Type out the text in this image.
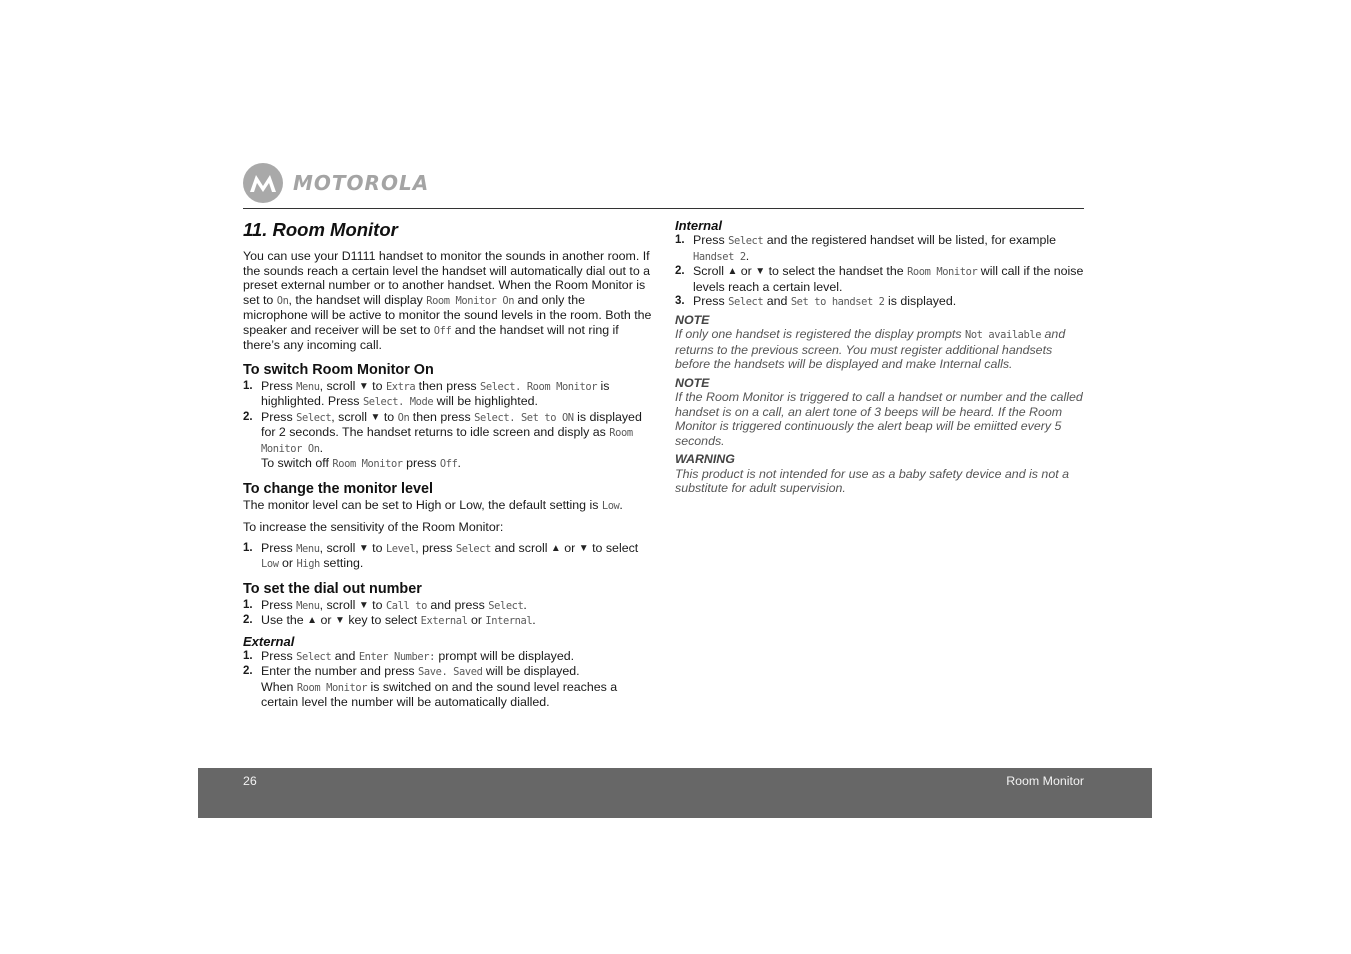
MOTOROLA
11. Room Monitor

You can use your D1111 handset to monitor the sounds in another room. If the sounds reach a certain level the handset will automatically dial out to a preset external number or to another handset. When the Room Monitor is set to On, the handset will display Room Monitor On and only the microphone will be active to monitor the sound levels in the room. Both the speaker and receiver will be set to Off and the handset will not ring if there’s any incoming call.

To switch Room Monitor On
1. Press Menu, scroll ▼ to Extra then press Select. Room Monitor is highlighted. Press Select. Mode will be highlighted.
2. Press Select, scroll ▼ to On then press Select. Set to ON is displayed for 2 seconds. The handset returns to idle screen and disply as Room Monitor On.
To switch off Room Monitor press Off.
To change the monitor level

The monitor level can be set to High or Low, the default setting is Low.

To increase the sensitivity of the Room Monitor:

1. Press Menu, scroll ▼ to Level, press Select and scroll ▲ or ▼ to select Low or High setting.
To set the dial out number
1. Press Menu, scroll ▼ to Call to and press Select.
2. Use the ▲ or ▼ key to select External or Internal.
External
1. Press Select and Enter Number: prompt will be displayed.
2. Enter the number and press Save. Saved will be displayed.
When Room Monitor is switched on and the sound level reaches a certain level the number will be automatically dialled.
Internal
1. Press Select and the registered handset will be listed, for example Handset 2.
2. Scroll ▲ or ▼ to select the handset the Room Monitor will call if the noise levels reach a certain level.
3. Press Select and Set to handset 2 is displayed.

NOTE

If only one handset is registered the display prompts Not available and returns to the previous screen. You must register additional handsets before the handsets will be displayed and make Internal calls.

NOTE

If the Room Monitor is triggered to call a handset or number and the called handset is on a call, an alert tone of 3 beeps will be heard. If the Room Monitor is triggered continuously the alert beap will be emiitted every 5 seconds.

WARNING

This product is not intended for use as a baby safety device and is not a substitute for adult supervision.

26	Room Monitor
